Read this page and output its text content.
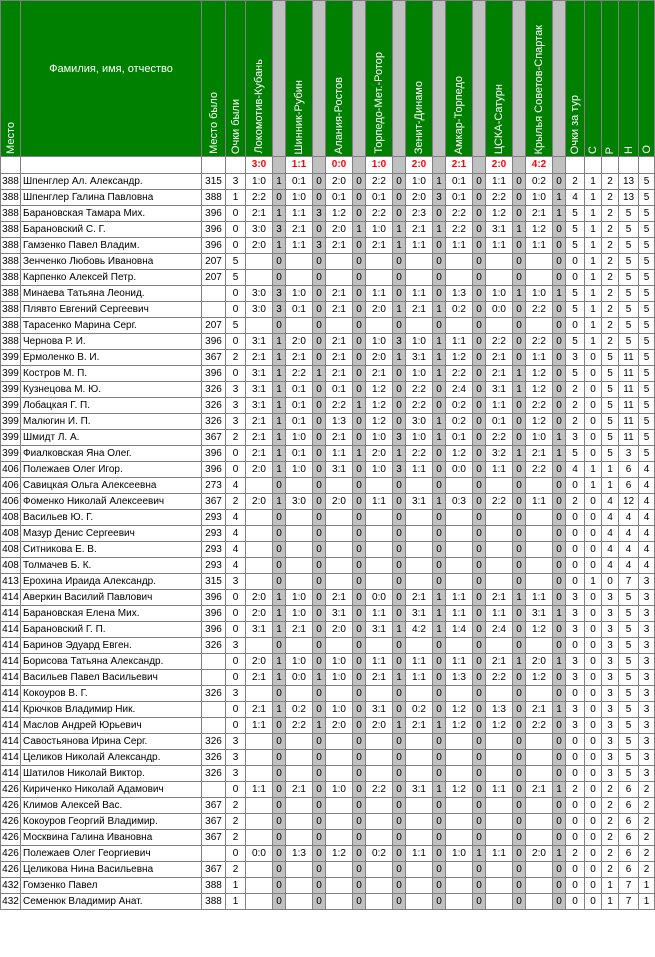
Место	Фамилия, имя, отчество	Место было	Очки были	Локомотив-Кубань		Шинник-Рубин		Алания-Ростов		Торпедо-Мет.-Ротор		Зенит-Динамо		Амкар-Торпедо		ЦСКА-Сатурн		Крылья Советов-Спартак		Очки за тур	С	Р	Н	О

				3:0		1:1		0:0		1:0		2:0		2:1		2:0		4:2						
388	Шпенглер Ал. Александр.	315	3	1:0	1	0:1	0	2:0	0	2:2	0	1:0	1	0:1	0	1:1	0	0:2	0	2	1	2	13	5
388	Шпенглер Галина Павловна	388	1	2:2	0	1:0	0	0:1	0	0:1	0	2:0	3	0:1	0	2:2	0	1:0	1	4	1	2	13	5
388	Барановская Тамара Мих.	396	0	2:1	1	1:1	3	1:2	0	2:2	0	2:3	0	2:2	0	1:2	0	2:1	1	5	1	2	5	5
388	Барановский С. Г.	396	0	3:0	3	2:1	0	2:0	1	1:0	1	2:1	1	2:2	0	3:1	1	1:2	0	5	1	2	5	5
388	Гамзенко Павел Владим.	396	0	2:0	1	1:1	3	2:1	0	2:1	1	1:1	0	1:1	0	1:1	0	1:1	0	5	1	2	5	5
388	Зенченко Любовь Ивановна	207	5		0		0		0		0		0		0		0		0	0	1	2	5	5
388	Карпенко Алексей Петр.	207	5		0		0		0		0		0		0		0		0	0	1	2	5	5
388	Минаева Татьяна Леонид.		0	3:0	3	1:0	0	2:1	0	1:1	0	1:1	0	1:3	0	1:0	1	1:0	1	5	1	2	5	5
388	Плявто Евгений Сергеевич		0	3:0	3	0:1	0	2:1	0	2:0	1	2:1	1	0:2	0	0:0	0	2:2	0	5	1	2	5	5
388	Тарасенко Марина Серг.	207	5		0		0		0		0		0		0		0		0	0	1	2	5	5
388	Чернова Р. И.	396	0	3:1	1	2:0	0	2:1	0	1:0	3	1:0	1	1:1	0	2:2	0	2:2	0	5	1	2	5	5
399	Ермоленко В. И.	367	2	2:1	1	2:1	0	2:1	0	2:0	1	3:1	1	1:2	0	2:1	0	1:1	0	3	0	5	11	5
399	Костров М. П.	396	0	3:1	1	2:2	1	2:1	0	2:1	0	1:0	1	2:2	0	2:1	1	1:2	0	5	0	5	11	5
399	Кузнецова М. Ю.	326	3	3:1	1	0:1	0	0:1	0	1:2	0	2:2	0	2:4	0	3:1	1	1:2	0	2	0	5	11	5
399	Лобацкая Г. П.	326	3	3:1	1	0:1	0	2:2	1	1:2	0	2:2	0	0:2	0	1:1	0	2:2	0	2	0	5	11	5
399	Малюгин И. П.	326	3	2:1	1	0:1	0	1:3	0	1:2	0	3:0	1	0:2	0	0:1	0	1:2	0	2	0	5	11	5
399	Шмидт Л. А.	367	2	2:1	1	1:0	0	2:1	0	1:0	3	1:0	1	0:1	0	2:2	0	1:0	1	3	0	5	11	5
399	Фиалковская Яна Олег.	396	0	2:1	1	0:1	0	1:1	1	2:0	1	2:2	0	1:2	0	3:2	1	2:1	1	5	0	5	3	5
406	Полежаев Олег Игор.	396	0	2:0	1	1:0	0	3:1	0	1:0	3	1:1	0	0:0	0	1:1	0	2:2	0	4	1	1	6	4
406	Савицкая Ольга Алексеевна	273	4		0		0		0		0		0		0		0		0	0	1	1	6	4
406	Фоменко Николай Алексеевич	367	2	2:0	1	3:0	0	2:0	0	1:1	0	3:1	1	0:3	0	2:2	0	1:1	0	2	0	4	12	4
408	Васильев Ю. Г.	293	4		0		0		0		0		0		0		0		0	0	0	4	4	4
408	Мазур Денис Сергеевич	293	4		0		0		0		0		0		0		0		0	0	0	4	4	4
408	Ситникова Е. В.	293	4		0		0		0		0		0		0		0		0	0	0	4	4	4
408	Толмачев Б. К.	293	4		0		0		0		0		0		0		0		0	0	0	4	4	4
413	Ерохина Ираида Александр.	315	3		0		0		0		0		0		0		0		0	0	1	0	7	3
414	Аверкин Василий Павлович	396	0	2:0	1	1:0	0	2:1	0	0:0	0	2:1	1	1:1	0	2:1	1	1:1	0	3	0	3	5	3
414	Барановская Елена Мих.	396	0	2:0	1	1:0	0	3:1	0	1:1	0	3:1	1	1:1	0	1:1	0	3:1	1	3	0	3	5	3
414	Барановский Г. П.	396	0	3:1	1	2:1	0	2:0	0	3:1	1	4:2	1	1:4	0	2:4	0	1:2	0	3	0	3	5	3
414	Баринов Эдуард Евген.	326	3		0		0		0		0		0		0		0		0	0	0	3	5	3
414	Борисова Татьяна Александр.		0	2:0	1	1:0	0	1:0	0	1:1	0	1:1	0	1:1	0	2:1	1	2:0	1	3	0	3	5	3
414	Васильев Павел Васильевич		0	2:1	1	0:0	1	1:0	0	2:1	1	1:1	0	1:3	0	2:2	0	1:2	0	3	0	3	5	3
414	Кокоуров В. Г.	326	3		0		0		0		0		0		0		0		0	0	0	3	5	3
414	Крючков Владимир Ник.		0	2:1	1	0:2	0	1:0	0	3:1	0	0:2	0	1:2	0	1:3	0	2:1	1	3	0	3	5	3
414	Маслов Андрей Юрьевич		0	1:1	0	2:2	1	2:0	0	2:0	1	2:1	1	1:2	0	1:2	0	2:2	0	3	0	3	5	3
414	Савостьянова Ирина Серг.	326	3		0		0		0		0		0		0		0		0	0	0	3	5	3
414	Целиков Николай Александр.	326	3		0		0		0		0		0		0		0		0	0	0	3	5	3
414	Шатилов Николай Виктор.	326	3		0		0		0		0		0		0		0		0	0	0	3	5	3
426	Кириченко Николай Адамович		0	1:1	0	2:1	0	1:0	0	2:2	0	3:1	1	1:2	0	1:1	0	2:1	1	2	0	2	6	2
426	Климов Алексей Вас.	367	2		0		0		0		0		0		0		0		0	0	0	2	6	2
426	Кокоуров Георгий Владимир.	367	2		0		0		0		0		0		0		0		0	0	0	2	6	2
426	Москвина Галина Ивановна	367	2		0		0		0		0		0		0		0		0	0	0	2	6	2
426	Полежаев Олег Георгиевич		0	0:0	0	1:3	0	1:2	0	0:2	0	1:1	0	1:0	1	1:1	0	2:0	1	2	0	2	6	2
426	Целикова Нина Васильевна	367	2		0		0		0		0		0		0		0		0	0	0	2	6	2
432	Гомзенко Павел	388	1		0		0		0		0		0		0		0		0	0	0	1	7	1
432	Семенюк Владимир Анат.	388	1		0		0		0		0		0		0		0		0	0	0	1	7	1
